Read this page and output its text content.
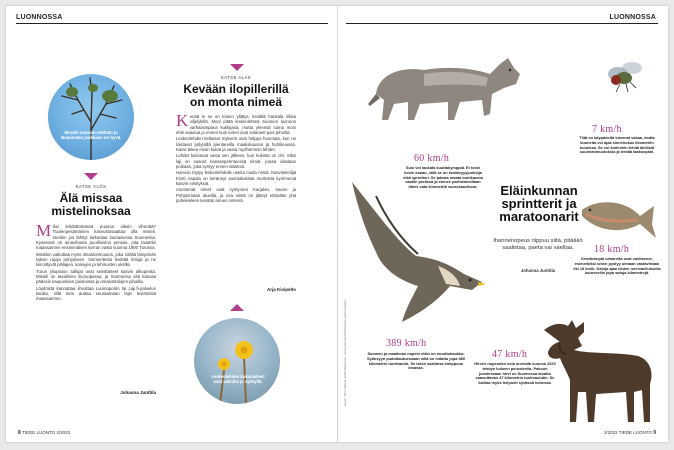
LUONNOSSA
Muutto suoraan etelään ja lämpimään paikkaan on hyvä.
KATSE YLÖS
Älä missaa mistelinoksaa

Miksi lehdettömässä puussa oikein vihertää? Tuulenpesämäinen kasvustosaattaa olla misteli, etenkin jos lähtiyt tarkastaa lounaisessa Suomessa. Kyseessä on ainavihanta puoliloisina pensas, jota tavattiin maassamme ensimmäisen kerran vasta vuonna 1900 Turussa.

Misteliin vaikuttaa myös ilmastonmuutos, joka siirtää lämpimän talven rajoja pohjoiseen. Siementesta levittää lintuja ja ne kiinnittyvät pihlajien, koivujen ja lehmusten oksille.

Turun yliopiston tutkijat ovat selvittäneet kasvin alkuperää. Misteli on tavallinen Euroopassa, ja Suomessa sitä kasvaa pääosin kaupunkien puistoissa ja omakotitalojen pihoilla.

Löydöistä kannattaa ilmoittaa Luontoportin tai Laji.fi-palvelun kautta, sillä tieto auttaa seuraamaan lajin leviämistä maassamme.

Johanna Junttila
KATSE ALAS
Kevään ilopillerillä on monta nimeä

Kevää le se on toinen yllätys, kesällä hankala riikka viljelykillä. Moni pitää leskenlehteä Suomen luonnon varhaisimpana kukkijana, mutta yleensä sama moni ehtii avautua jo ennen kuin lumet ovat sulaneet pois pihoilta.

Leskenlehden keltaiset mykeröt ovat helppo huomata, kun ne loistavat pölyisillä pientareilla maaliskuussa ja huhtikuussa. Kasvi tekee ensin kukat ja vasta myöhemmin lehdet.

Lehdet kasvavat vasta sen jälkeen, kun kukinta on ohi. Siksi laji on saanut kansanperinteessä nimiä, joissa viitataan poikaan, joka syntyy ennen isäänsä.

Harvoin löytyy leskenlehdelle useita muita nimiä. Kasvitieteilijä Kirsti Aapala on kerännyt suomalaisista murteista kymmeniä kasvin nimityksiä.

Useimmat nimet ovat syntyneet Karjalan, Savon ja Pohjanmaan alueilla, ja osa niistä on jäänyt elämään yhä puhekieleen kevään airuen nimenä.

Arja Kivipelto
Leskenlehden kukanaiheet ovat valmiita jo syksyllä.
8 TIEDE LUONTO 2/2022
LUONNOSSA
60 km/h
Susi voi laukata kuuttakymppiä. Ei tosin kovin kauan, sillä se on kestävyysjuoksija eikä sprintteri. Se jaksaa ravata tuntikausia saaliin perässä ja etenee parhaimmillaan lähes sata kilometriä vuorokaudessa.
7 km/h
Tiitä on käypädeltä lukemat vakaa, mutta kuoneita voi ajaa sinnehokas kilometrin tunnissa. Se voi kuitenkin tehdä äkillisiä suunnanmuutoksia ja lentää taaksepäin.
Eläinkunnan sprintterit ja maratoonarit
Ihannenopeus riippuu siitä, pitääkö saalistaa, paeta vai vaeltaa.
Johanna Junttila
18 km/h
Kestävimpiä uimareita ovat vaeltaneet, esimerkiksi lohen pystyy uimaan vastavirtaan liki 18 km/h. Kaloja ajaa niiden merivaelluksella kutuvesille jopa satoja kilometrejä.
389 km/h
Suomen ja maailman nopein eläin on muuttohaukka. Syöksyyn pudottautuessaan sillä on mitattu jopa 389 kilometrin tuntivauhti. Se iskee saaliinsa kimppuun ilmassa.
47 km/h
Hirven nopeuden voiu arvioida vuonna 2020 tehdyn kokeen perusteella. Pakoon juostessaan hirvi on Suomessa tavattu saavuttavan 47 kilometrin tuntivauhdin. Se kahlaa myös helposti syvässä lumessa.
Kuvat: Tiina Vilkuna, Erkki Makkonen, Jouni Ahonen/Shutterstock, Getty Images
2/2022 TIEDE LUONTO 9
